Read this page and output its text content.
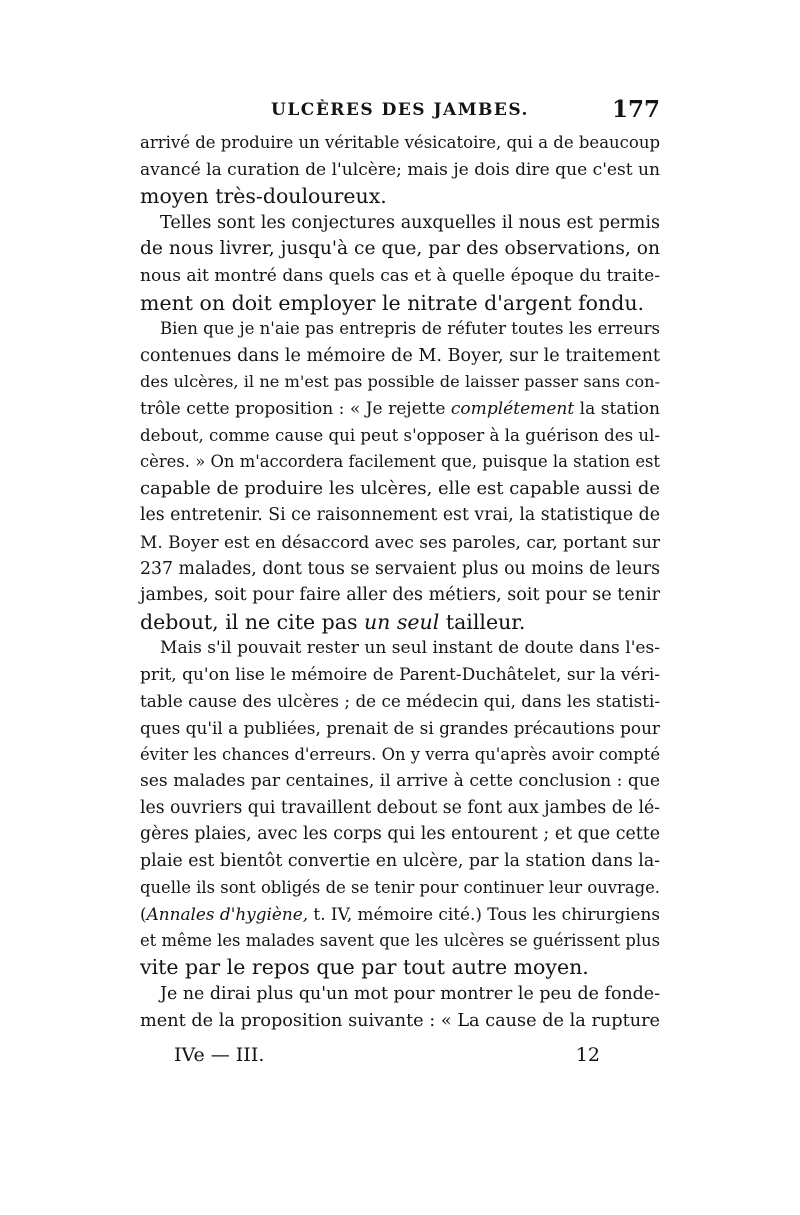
ULCÈRES DES JAMBES.	177
arrivé de produire un véritable vésicatoire, qui a de beaucoup
avancé la curation de l'ulcère; mais je dois dire que c'est un
moyen très-douloureux.
Telles sont les conjectures auxquelles il nous est permis
de nous livrer, jusqu'à ce que, par des observations, on
nous ait montré dans quels cas et à quelle époque du traite-
ment on doit employer le nitrate d'argent fondu.
Bien que je n'aie pas entrepris de réfuter toutes les erreurs
contenues dans le mémoire de M. Boyer, sur le traitement
des ulcères, il ne m'est pas possible de laisser passer sans con-
trôle cette proposition : « Je rejette complétement la station
debout, comme cause qui peut s'opposer à la guérison des ul-
cères. » On m'accordera facilement que, puisque la station est
capable de produire les ulcères, elle est capable aussi de
les entretenir. Si ce raisonnement est vrai, la statistique de
M. Boyer est en désaccord avec ses paroles, car, portant sur
237 malades, dont tous se servaient plus ou moins de leurs
jambes, soit pour faire aller des métiers, soit pour se tenir
debout, il ne cite pas un seul tailleur.
Mais s'il pouvait rester un seul instant de doute dans l'es-
prit, qu'on lise le mémoire de Parent-Duchâtelet, sur la véri-
table cause des ulcères ; de ce médecin qui, dans les statisti-
ques qu'il a publiées, prenait de si grandes précautions pour
éviter les chances d'erreurs. On y verra qu'après avoir compté
ses malades par centaines, il arrive à cette conclusion : que
les ouvriers qui travaillent debout se font aux jambes de lé-
gères plaies, avec les corps qui les entourent ; et que cette
plaie est bientôt convertie en ulcère, par la station dans la-
quelle ils sont obligés de se tenir pour continuer leur ouvrage.
(Annales d'hygiène, t. IV, mémoire cité.) Tous les chirurgiens
et même les malades savent que les ulcères se guérissent plus
vite par le repos que par tout autre moyen.
Je ne dirai plus qu'un mot pour montrer le peu de fonde-
ment de la proposition suivante : « La cause de la rupture
IVe — III.	12
